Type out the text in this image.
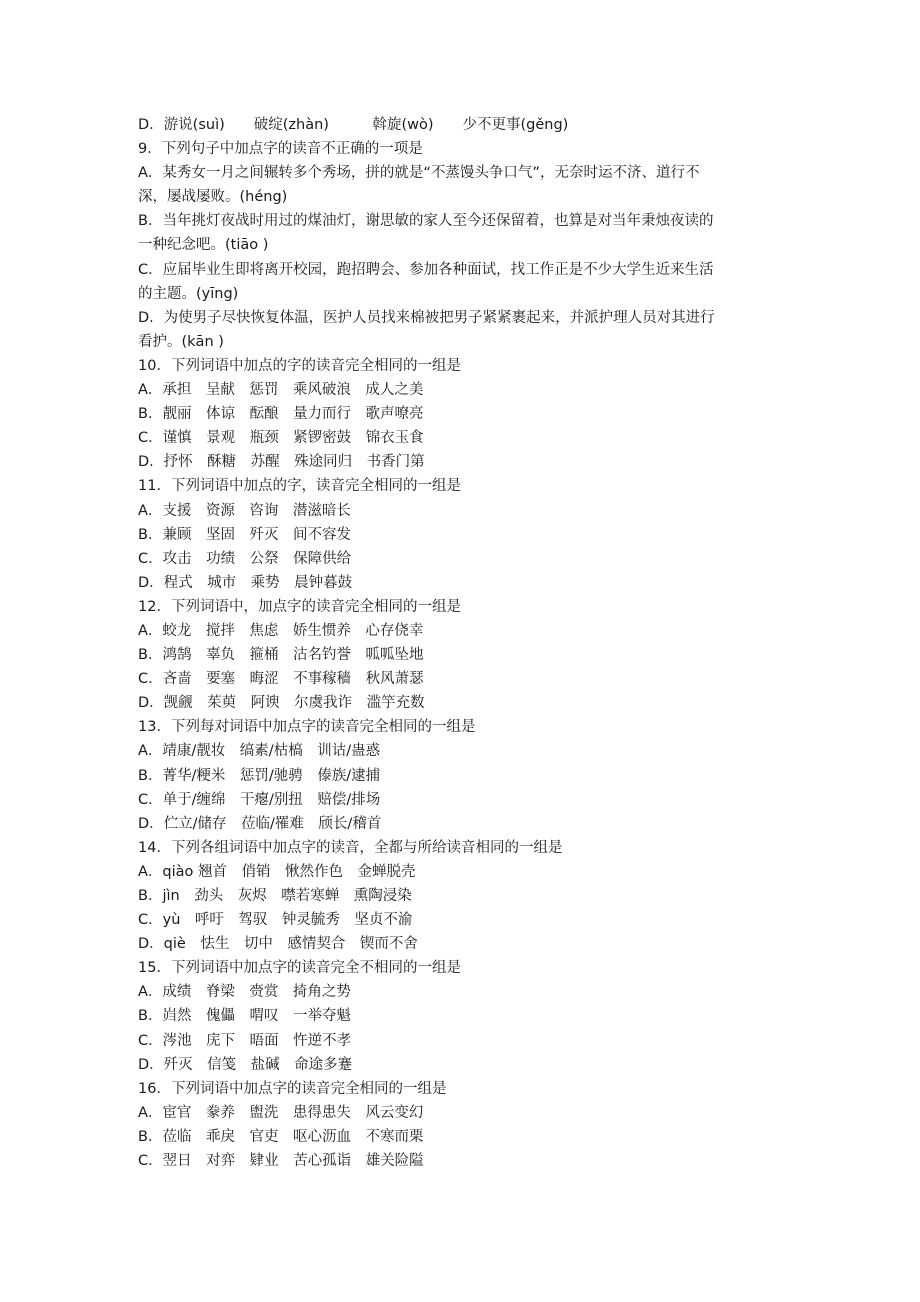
D．游说(suì)　　破绽(zhàn)　　　斡旋(wò)　　少不更事(gěng)
9．下列句子中加点字的读音不正确的一项是
A．某秀女一月之间辗转多个秀场，拼的就是“不蒸馒头争口气”，无奈时运不济、道行不
深，屡战屡败。(héng)
B．当年挑灯夜战时用过的煤油灯，谢思敏的家人至今还保留着，也算是对当年秉烛夜读的
一种纪念吧。(tiāo )
C．应届毕业生即将离开校园，跑招聘会、参加各种面试，找工作正是不少大学生近来生活
的主题。(yīng)
D．为使男子尽快恢复体温，医护人员找来棉被把男子紧紧裹起来，并派护理人员对其进行
看护。(kān )
10．下列词语中加点的字的读音完全相同的一组是
A．承担　呈献　惩罚　乘风破浪　成人之美
B．靓丽　体谅　酝酿　量力而行　歌声嘹亮
C．谨慎　景观　瓶颈　紧锣密鼓　锦衣玉食
D．抒怀　酥糖　苏醒　殊途同归　书香门第
11．下列词语中加点的字，读音完全相同的一组是
A．支援　资源　咨询　潜滋暗长
B．兼顾　坚固　歼灭　间不容发
C．攻击　功绩　公祭　保障供给
D．程式　城市　乘势　晨钟暮鼓
12．下列词语中，加点字的读音完全相同的一组是
A．蛟龙　搅拌　焦虑　娇生惯养　心存侥幸
B．鸿鹄　辜负　箍桶　沽名钓誉　呱呱坠地
C．吝啬　要塞　晦涩　不事稼穑　秋风萧瑟
D．觊觎　茱萸　阿谀　尔虞我诈　滥竽充数
13．下列每对词语中加点字的读音完全相同的一组是
A．靖康/靓妆　缟素/枯槁　训诂/蛊惑
B．菁华/粳米　惩罚/驰骋　傣族/逮捕
C．单于/缠绵　干瘪/别扭　赔偿/排场
D．伫立/储存　莅临/罹难　颀长/稽首
14．下列各组词语中加点字的读音，全都与所给读音相同的一组是
A．qiào 翘首　俏销　愀然作色　金蝉脱壳
B．jìn　劲头　灰烬　噤若寒蝉　熏陶浸染
C．yù　呼吁　驾驭　钟灵毓秀　坚贞不渝
D．qiè　怯生　切中　感情契合　锲而不舍
15．下列词语中加点字的读音完全不相同的一组是
A．成绩　脊梁　赍赏　掎角之势
B．岿然　傀儡　喟叹　一举夺魁
C．涔池　庑下　晤面　忤逆不孝
D．歼灭　信笺　盐碱　命途多蹇
16．下列词语中加点字的读音完全相同的一组是
A．宦官　豢养　盥洗　患得患失　风云变幻
B．莅临　乖戾　官吏　呕心沥血　不寒而栗
C．翌日　对弈　肄业　苦心孤诣　雄关险隘
